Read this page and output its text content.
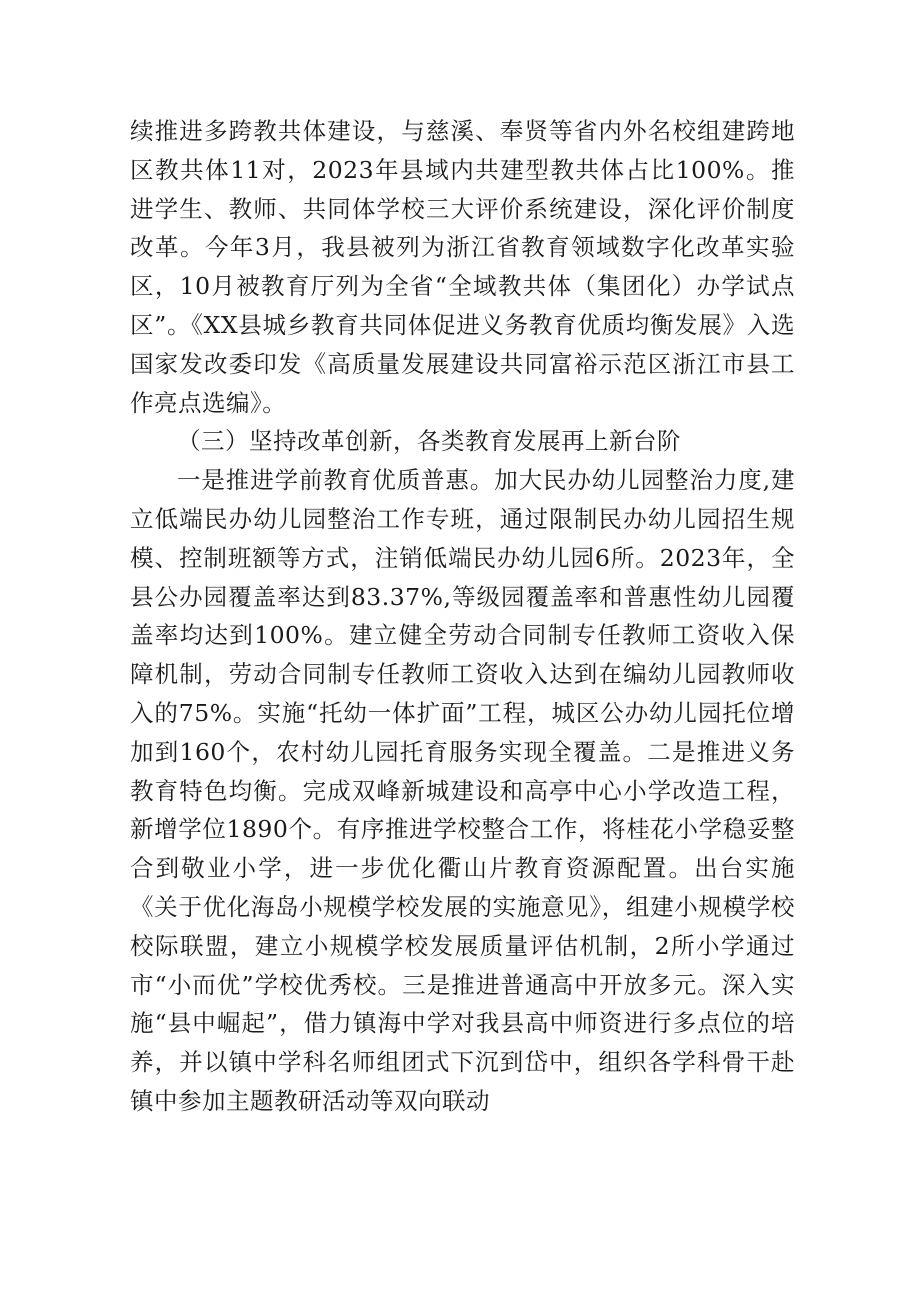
续推进多跨教共体建设，与慈溪、奉贤等省内外名校组建跨地区教共体11对，2023年县域内共建型教共体占比100%。推进学生、教师、共同体学校三大评价系统建设，深化评价制度改革。今年3月，我县被列为浙江省教育领域数字化改革实验区，10月被教育厅列为全省“全域教共体（集团化）办学试点区”。《XX县城乡教育共同体促进义务教育优质均衡发展》入选国家发改委印发《高质量发展建设共同富裕示范区浙江市县工作亮点选编》。

（三）坚持改革创新，各类教育发展再上新台阶

一是推进学前教育优质普惠。加大民办幼儿园整治力度,建立低端民办幼儿园整治工作专班，通过限制民办幼儿园招生规模、控制班额等方式，注销低端民办幼儿园6所。2023年，全县公办园覆盖率达到83.37%,等级园覆盖率和普惠性幼儿园覆盖率均达到100%。建立健全劳动合同制专任教师工资收入保障机制，劳动合同制专任教师工资收入达到在编幼儿园教师收入的75%。实施“托幼一体扩面”工程，城区公办幼儿园托位增加到160个，农村幼儿园托育服务实现全覆盖。二是推进义务教育特色均衡。完成双峰新城建设和高亭中心小学改造工程，新增学位1890个。有序推进学校整合工作，将桂花小学稳妥整合到敬业小学，进一步优化衢山片教育资源配置。出台实施《关于优化海岛小规模学校发展的实施意见》，组建小规模学校校际联盟，建立小规模学校发展质量评估机制，2所小学通过市“小而优”学校优秀校。三是推进普通高中开放多元。深入实施“县中崛起”，借力镇海中学对我县高中师资进行多点位的培养，并以镇中学科名师组团式下沉到岱中，组织各学科骨干赴镇中参加主题教研活动等双向联动
